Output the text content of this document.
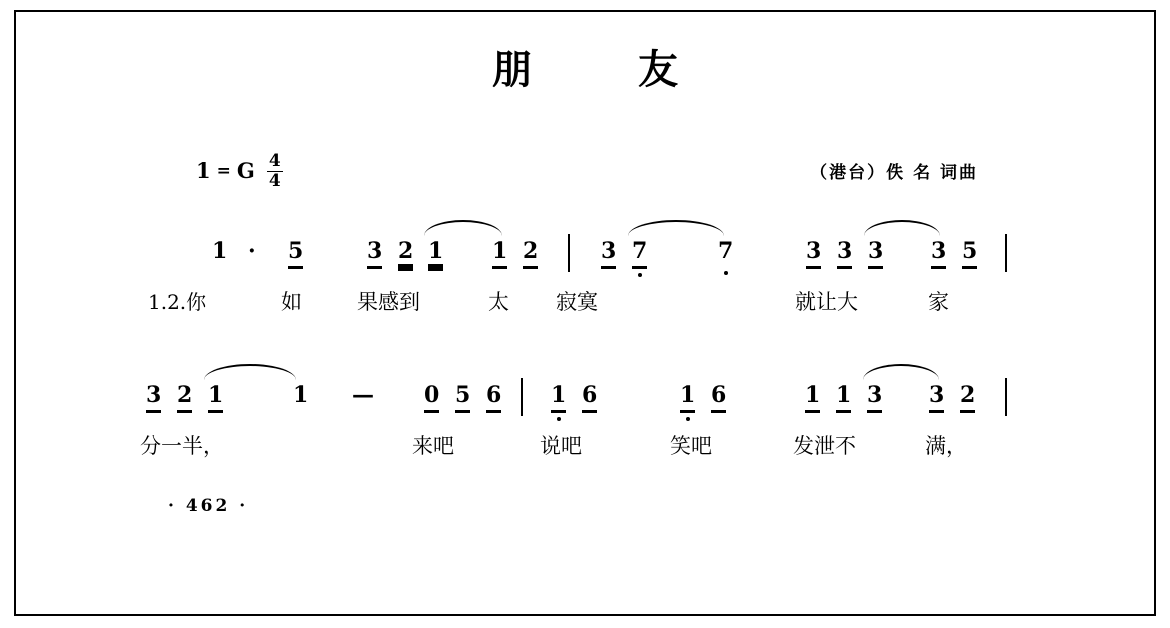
朋 友
1 = G $\frac{4}{4}$	（港台）佚 名 词曲
1 · 5	3 2 1 1 2	3 7	7	3 3 3 3 5
1.2.你	如	果感到	太 寂寞	就让大	家
3 2 1	1	0 5 6 1 6	1 6	1 1 3 3 2
—
分一半，	来吧	说吧	笑吧	发泄不	满，
· 462 ·
